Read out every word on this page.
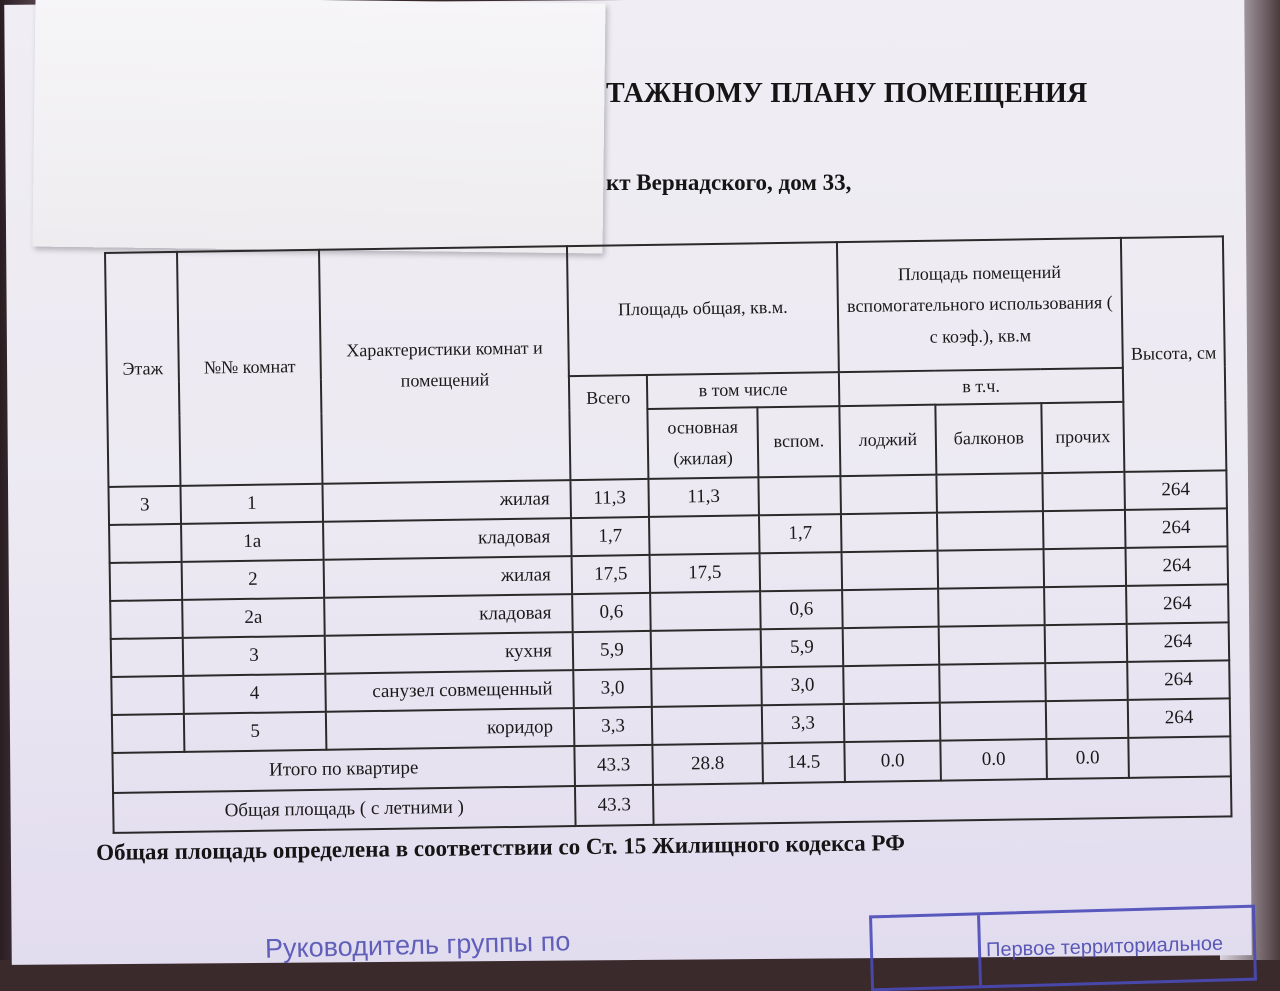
ТАЖНОМУ ПЛАНУ ПОМЕЩЕНИЯ
кт Вернадского, дом 33,
Этаж	№№ комнат	Характеристики комнат и помещений	Площадь общая, кв.м.			Площадь помещений вспомогательного использования ( с коэф.), кв.м			Высота, см
			Всего	в том числе		в т.ч.			
				основная (жилая)	вспом.	лоджий	балконов	прочих	
3	1	жилая	11,3	11,3					264
	1а	кладовая	1,7		1,7				264
	2	жилая	17,5	17,5					264
	2а	кладовая	0,6		0,6				264
	3	кухня	5,9		5,9				264
	4	санузел совмещенный	3,0		3,0				264
	5	коридор	3,3		3,3				264
Итого по квартире			43.3	28.8	14.5	0.0	0.0	0.0	
Общая площадь ( с летними )			43.3						
Общая площадь определена в соответствии со Ст. 15 Жилищного кодекса РФ
Руководитель группы по	Первое территориальное
